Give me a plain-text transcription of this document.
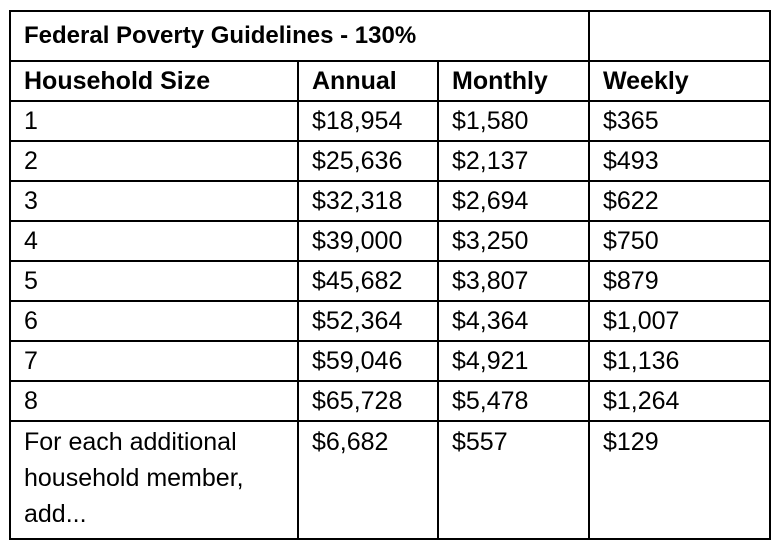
Federal Poverty Guidelines - 130%			
Household Size	Annual	Monthly	Weekly
1	$18,954	$1,580	$365
2	$25,636	$2,137	$493
3	$32,318	$2,694	$622
4	$39,000	$3,250	$750
5	$45,682	$3,807	$879
6	$52,364	$4,364	$1,007
7	$59,046	$4,921	$1,136
8	$65,728	$5,478	$1,264
For each additional household member, add...	$6,682	$557	$129
